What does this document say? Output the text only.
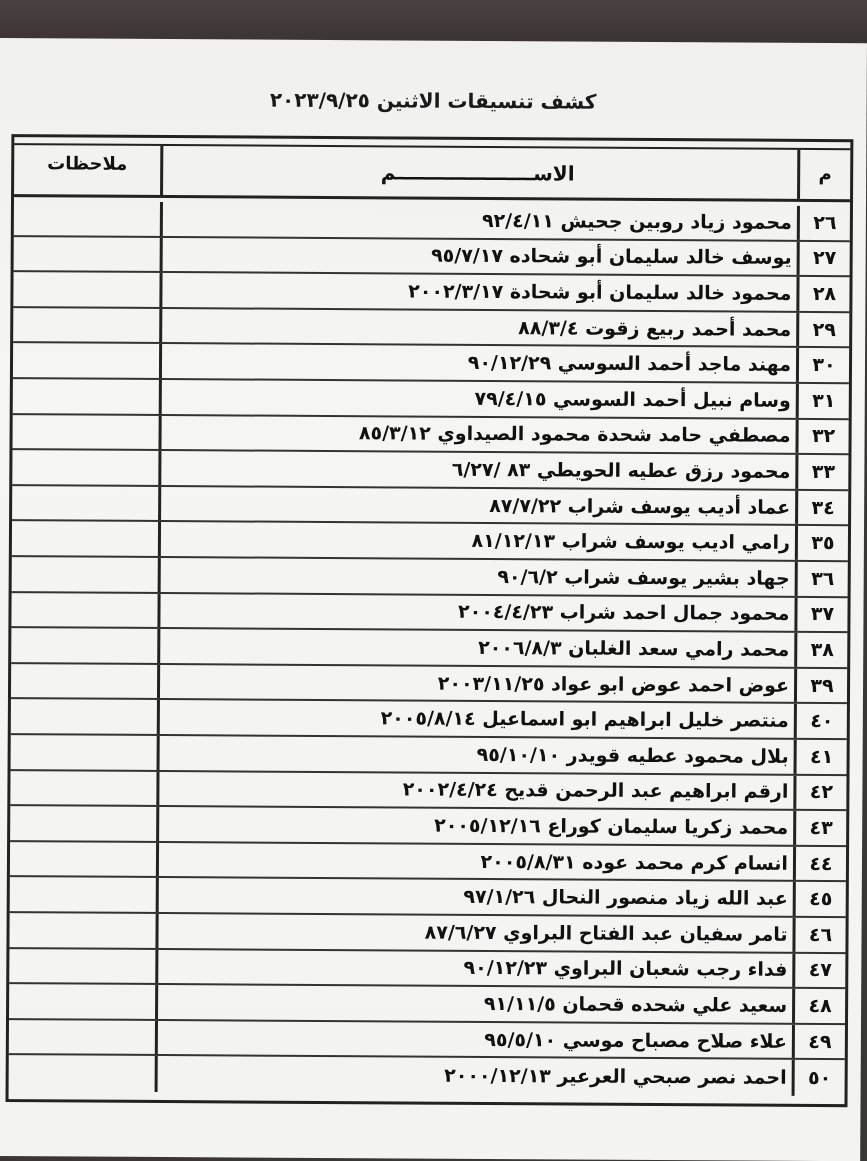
كشف تنسيقات الاثنين ٢٠٢٣/٩/٢٥
م
الاســــــــــــــــــــم
ملاحظات
٢٦
محمود زياد روبين جحيش ٩٢/٤/١١
٢٧
يوسف خالد سليمان أبو شحاده ٩٥/٧/١٧
٢٨
محمود خالد سليمان أبو شحادة ٢٠٠٢/٣/١٧
٢٩
محمد أحمد ربيع زقوت ٨٨/٣/٤
٣٠
مهند ماجد أحمد السوسي ٩٠/١٢/٢٩
٣١
وسام نبيل أحمد السوسي ٧٩/٤/١٥
٣٢
مصطفي حامد شحدة محمود الصيداوي ٨٥/٣/١٢
٣٣
محمود رزق عطيه الحويطي ٨٣ /٦/٢٧
٣٤
عماد أديب يوسف شراب ٨٧/٧/٢٢
٣٥
رامي اديب يوسف شراب ٨١/١٢/١٣
٣٦
جهاد بشير يوسف شراب ٩٠/٦/٢
٣٧
محمود جمال احمد شراب ٢٠٠٤/٤/٢٣
٣٨
محمد رامي سعد الغلبان ٢٠٠٦/٨/٣
٣٩
عوض احمد عوض ابو عواد ٢٠٠٣/١١/٢٥
٤٠
منتصر خليل ابراهيم ابو اسماعيل ٢٠٠٥/٨/١٤
٤١
بلال محمود عطيه قويدر ٩٥/١٠/١٠
٤٢
ارقم ابراهيم عبد الرحمن قديح ٢٠٠٢/٤/٢٤
٤٣
محمد زكريا سليمان كوراع ٢٠٠٥/١٢/١٦
٤٤
انسام كرم محمد عوده ٢٠٠٥/٨/٣١
٤٥
عبد الله زياد منصور النحال ٩٧/١/٢٦
٤٦
تامر سفيان عبد الفتاح البراوي ٨٧/٦/٢٧
٤٧
فداء رجب شعبان البراوي ٩٠/١٢/٢٣
٤٨
سعيد علي شحده قحمان ٩١/١١/٥
٤٩
علاء صلاح مصباح موسي ٩٥/٥/١٠
٥٠
احمد نصر صبحي العرعير ٢٠٠٠/١٢/١٣
